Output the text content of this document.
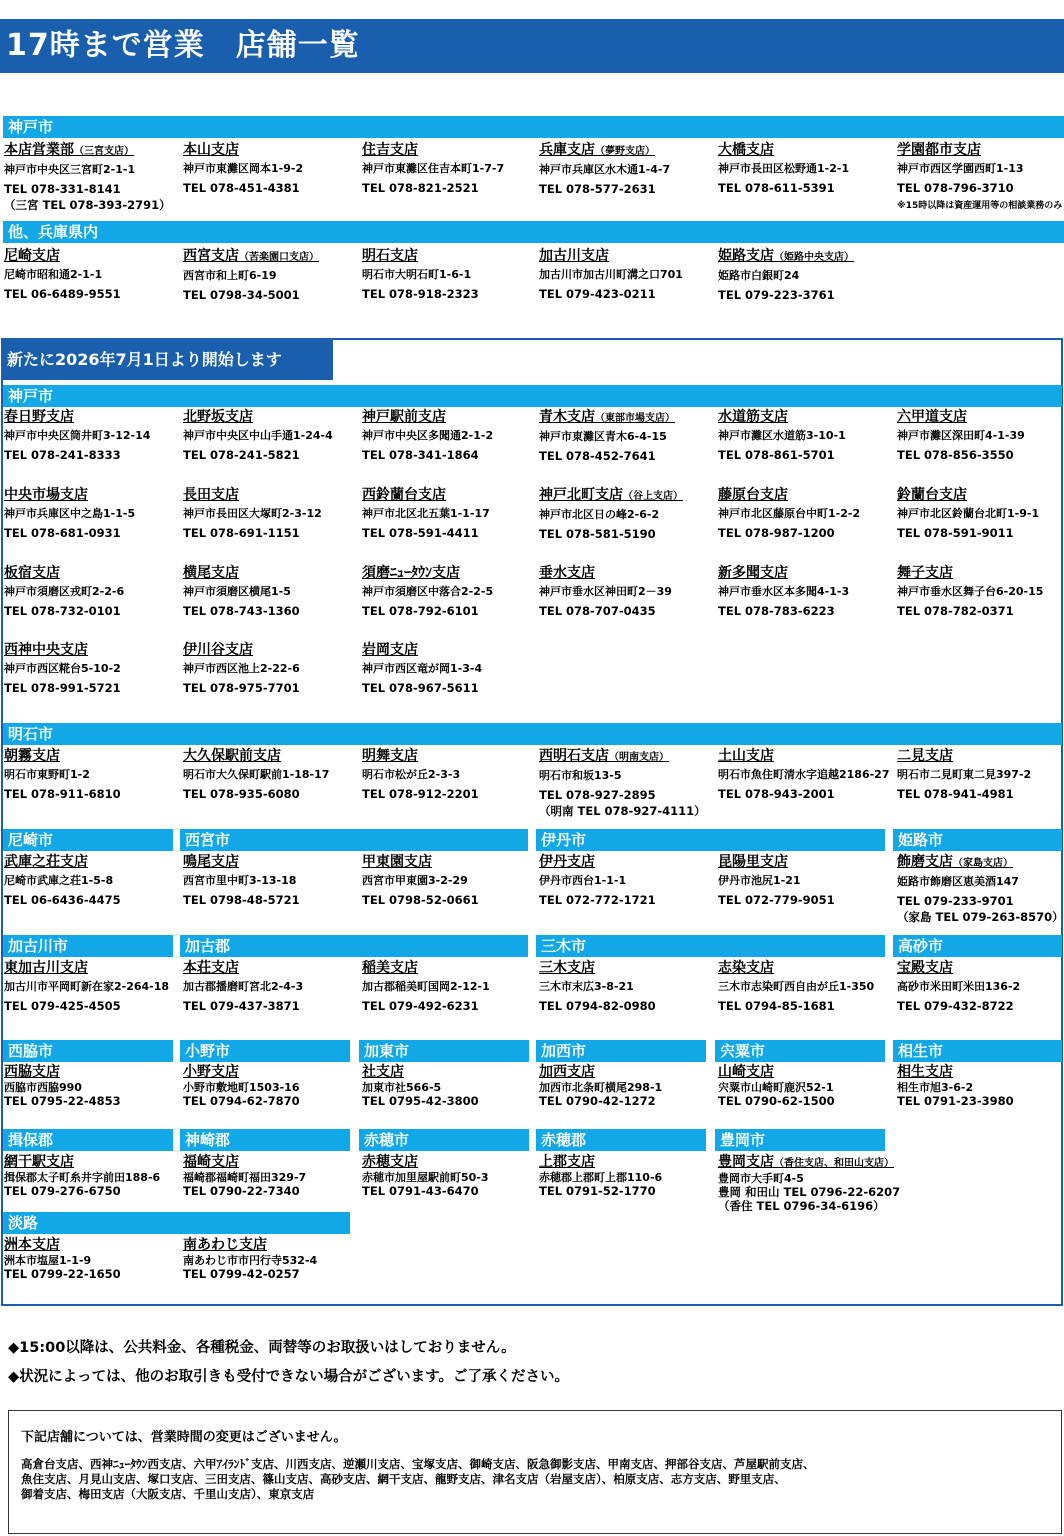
17時まで営業　店舗一覧
新たに2026年7月1日より開始します
神戸市
本店営業部（三宮支店）
神戸市中央区三宮町2-1-1
TEL 078-331-8141
（三宮 TEL 078-393-2791）
本山支店
神戸市東灘区岡本1-9-2
TEL 078-451-4381
住吉支店
神戸市東灘区住吉本町1-7-7
TEL 078-821-2521
兵庫支店（夢野支店）
神戸市兵庫区水木通1-4-7
TEL 078-577-2631
大橋支店
神戸市長田区松野通1-2-1
TEL 078-611-5391
学園都市支店
神戸市西区学園西町1-13
TEL 078-796-3710
※15時以降は資産運用等の相談業務のみ
他、兵庫県内
尼崎支店
尼崎市昭和通2-1-1
TEL 06-6489-9551
西宮支店（苦楽園口支店）
西宮市和上町6-19
TEL 0798-34-5001
明石支店
明石市大明石町1-6-1
TEL 078-918-2323
加古川支店
加古川市加古川町溝之口701
TEL 079-423-0211
姫路支店（姫路中央支店）
姫路市白銀町24
TEL 079-223-3761
神戸市
春日野支店
神戸市中央区筒井町3-12-14
TEL 078-241-8333
北野坂支店
神戸市中央区中山手通1-24-4
TEL 078-241-5821
神戸駅前支店
神戸市中央区多聞通2-1-2
TEL 078-341-1864
青木支店（東部市場支店）
神戸市東灘区青木6-4-15
TEL 078-452-7641
水道筋支店
神戸市灘区水道筋3-10-1
TEL 078-861-5701
六甲道支店
神戸市灘区深田町4-1-39
TEL 078-856-3550
中央市場支店
神戸市兵庫区中之島1-1-5
TEL 078-681-0931
長田支店
神戸市長田区大塚町2-3-12
TEL 078-691-1151
西鈴蘭台支店
神戸市北区北五葉1-1-17
TEL 078-591-4411
神戸北町支店（谷上支店）
神戸市北区日の峰2-6-2
TEL 078-581-5190
藤原台支店
神戸市北区藤原台中町1-2-2
TEL 078-987-1200
鈴蘭台支店
神戸市北区鈴蘭台北町1-9-1
TEL 078-591-9011
板宿支店
神戸市須磨区戎町2-2-6
TEL 078-732-0101
横尾支店
神戸市須磨区横尾1-5
TEL 078-743-1360
須磨ﾆｭｰﾀｳﾝ支店
神戸市須磨区中落合2-2-5
TEL 078-792-6101
垂水支店
神戸市垂水区神田町2－39
TEL 078-707-0435
新多聞支店
神戸市垂水区本多聞4-1-3
TEL 078-783-6223
舞子支店
神戸市垂水区舞子台6-20-15
TEL 078-782-0371
西神中央支店
神戸市西区糀台5-10-2
TEL 078-991-5721
伊川谷支店
神戸市西区池上2-22-6
TEL 078-975-7701
岩岡支店
神戸市西区竜が岡1-3-4
TEL 078-967-5611
明石市
朝霧支店
明石市東野町1-2
TEL 078-911-6810
大久保駅前支店
明石市大久保町駅前1-18-17
TEL 078-935-6080
明舞支店
明石市松が丘2-3-3
TEL 078-912-2201
西明石支店（明南支店）
明石市和坂13-5
TEL 078-927-2895
（明南 TEL 078-927-4111）
土山支店
明石市魚住町清水字追越2186-27
TEL 078-943-2001
二見支店
明石市二見町東二見397-2
TEL 078-941-4981
尼崎市	西宮市	伊丹市	姫路市
武庫之荘支店
尼崎市武庫之荘1-5-8
TEL 06-6436-4475
鳴尾支店
西宮市里中町3-13-18
TEL 0798-48-5721
甲東園支店
西宮市甲東園3-2-29
TEL 0798-52-0661
伊丹支店
伊丹市西台1-1-1
TEL 072-772-1721
昆陽里支店
伊丹市池尻1-21
TEL 072-779-9051
飾磨支店（家島支店）
姫路市飾磨区恵美酒147
TEL 079-233-9701
（家島 TEL 079-263-8570）
加古川市	加古郡	三木市	高砂市
東加古川支店
加古川市平岡町新在家2-264-18
TEL 079-425-4505
本荘支店
加古郡播磨町宮北2-4-3
TEL 079-437-3871
稲美支店
加古郡稲美町国岡2-12-1
TEL 079-492-6231
三木支店
三木市末広3-8-21
TEL 0794-82-0980
志染支店
三木市志染町西自由が丘1-350
TEL 0794-85-1681
宝殿支店
高砂市米田町米田136-2
TEL 079-432-8722
西脇市	小野市	加東市	加西市	宍粟市	相生市
西脇支店
西脇市西脇990
TEL 0795-22-4853
小野支店
小野市敷地町1503-16
TEL 0794-62-7870
社支店
加東市社566-5
TEL 0795-42-3800
加西支店
加西市北条町横尾298-1
TEL 0790-42-1272
山崎支店
宍粟市山崎町鹿沢52-1
TEL 0790-62-1500
相生支店
相生市旭3-6-2
TEL 0791-23-3980
揖保郡	神崎郡	赤穂市	赤穂郡	豊岡市
網干駅支店
揖保郡太子町糸井字前田188-6
TEL 079-276-6750
福崎支店
福崎郡福崎町福田329-7
TEL 0790-22-7340
赤穂支店
赤穂市加里屋駅前町50-3
TEL 0791-43-6470
上郡支店
赤穂郡上郡町上郡110-6
TEL 0791-52-1770
豊岡支店（香住支店、和田山支店）
豊岡市大手町4-5
豊岡 和田山 TEL 0796-22-6207
（香住 TEL 0796-34-6196）
淡路
洲本支店
洲本市塩屋1-1-9
TEL 0799-22-1650
南あわじ支店
南あわじ市市円行寺532-4
TEL 0799-42-0257
◆15:00以降は、公共料金、各種税金、両替等のお取扱いはしておりません。
◆状況によっては、他のお取引きも受付できない場合がございます。ご了承ください。
下記店舗については、営業時間の変更はございません。
高倉台支店、西神ﾆｭｰﾀｳﾝ西支店、六甲ｱｲﾗﾝﾄﾞ支店、川西支店、逆瀬川支店、宝塚支店、御崎支店、阪急御影支店、甲南支店、押部谷支店、芦屋駅前支店、
魚住支店、月見山支店、塚口支店、三田支店、篠山支店、高砂支店、網干支店、龍野支店、津名支店（岩屋支店）、柏原支店、志方支店、野里支店、
御着支店、梅田支店（大阪支店、千里山支店）、東京支店
